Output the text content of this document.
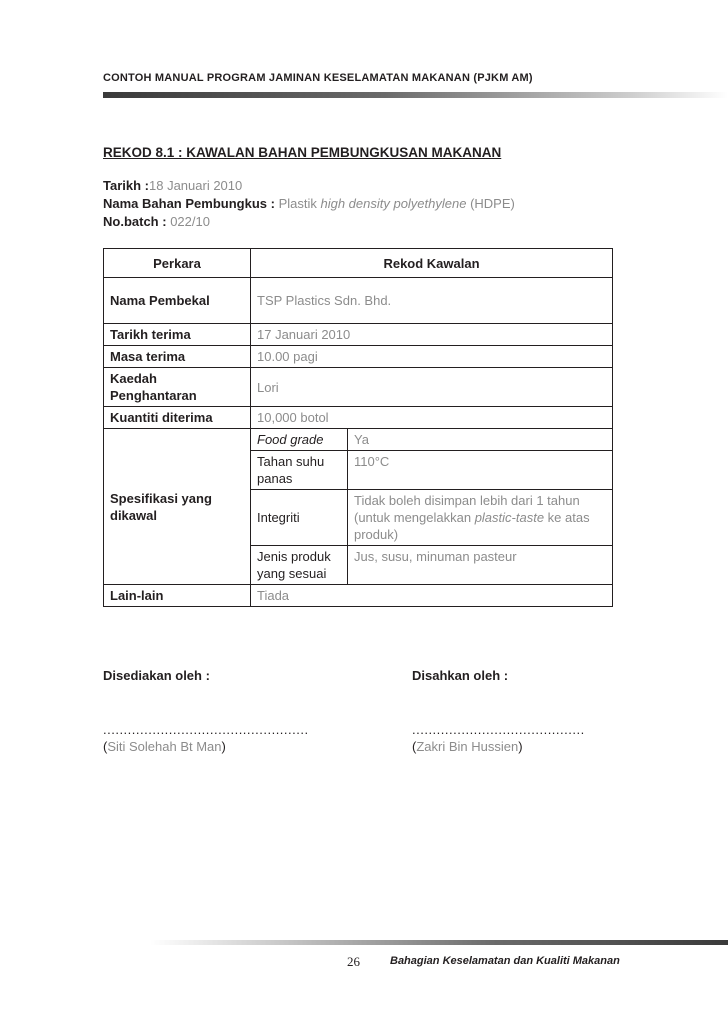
CONTOH MANUAL PROGRAM JAMINAN KESELAMATAN MAKANAN (PJKM AM)
REKOD 8.1 : KAWALAN BAHAN PEMBUNGKUSAN MAKANAN
Tarikh :18 Januari 2010
Nama Bahan Pembungkus : Plastik high density polyethylene (HDPE)
No.batch : 022/10
Perkara	Rekod Kawalan	
Nama Pembekal	TSP Plastics Sdn. Bhd.	
Tarikh terima	17 Januari 2010	
Masa terima	10.00 pagi	
Kaedah Penghantaran	Lori	
Kuantiti diterima	10,000 botol	
Spesifikasi yang dikawal	Food grade	Ya
	Tahan suhu panas	110°C
	Integriti	Tidak boleh disimpan lebih dari 1 tahun (untuk mengelakkan plastic-taste ke atas produk)
	Jenis produk yang sesuai	Jus, susu, minuman pasteur
Lain-lain	Tiada	
Disediakan oleh :	Disahkan oleh :
..................................................	..........................................
(Siti Solehah Bt Man)	(Zakri Bin Hussien)
26	Bahagian Keselamatan dan Kualiti Makanan
